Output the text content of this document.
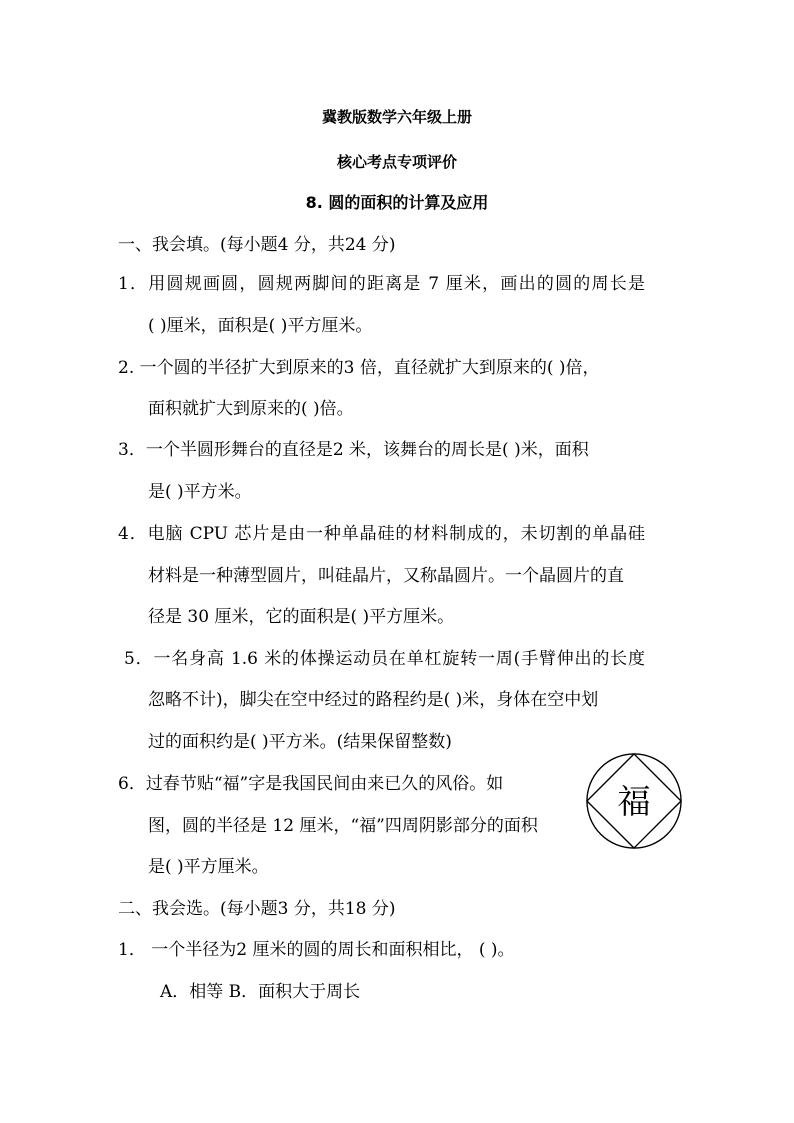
冀教版数学六年级上册
核心考点专项评价
8. 圆的面积的计算及应用
一、我会填。(每小题4 分，共24 分)
1．用圆规画圆，圆规两脚间的距离是 7 厘米，画出的圆的周长是
( )厘米，面积是( )平方厘米。
2. 一个圆的半径扩大到原来的3 倍，直径就扩大到原来的( )倍，
面积就扩大到原来的( )倍。
3．一个半圆形舞台的直径是2 米，该舞台的周长是( )米，面积
是( )平方米。
4．电脑 CPU 芯片是由一种单晶硅的材料制成的，未切割的单晶硅
材料是一种薄型圆片，叫硅晶片，又称晶圆片。一个晶圆片的直
径是 30 厘米，它的面积是( )平方厘米。
5．一名身高 1.6 米的体操运动员在单杠旋转一周(手臂伸出的长度
忽略不计)，脚尖在空中经过的路程约是( )米，身体在空中划
过的面积约是( )平方米。(结果保留整数)
6．过春节贴“福”字是我国民间由来已久的风俗。如
图，圆的半径是 12 厘米，“福”四周阴影部分的面积
是( )平方厘米。
福
二、我会选。(每小题3 分，共18 分)
1． 一个半径为2 厘米的圆的周长和面积相比， ( )。
A．相等 B．面积大于周长
